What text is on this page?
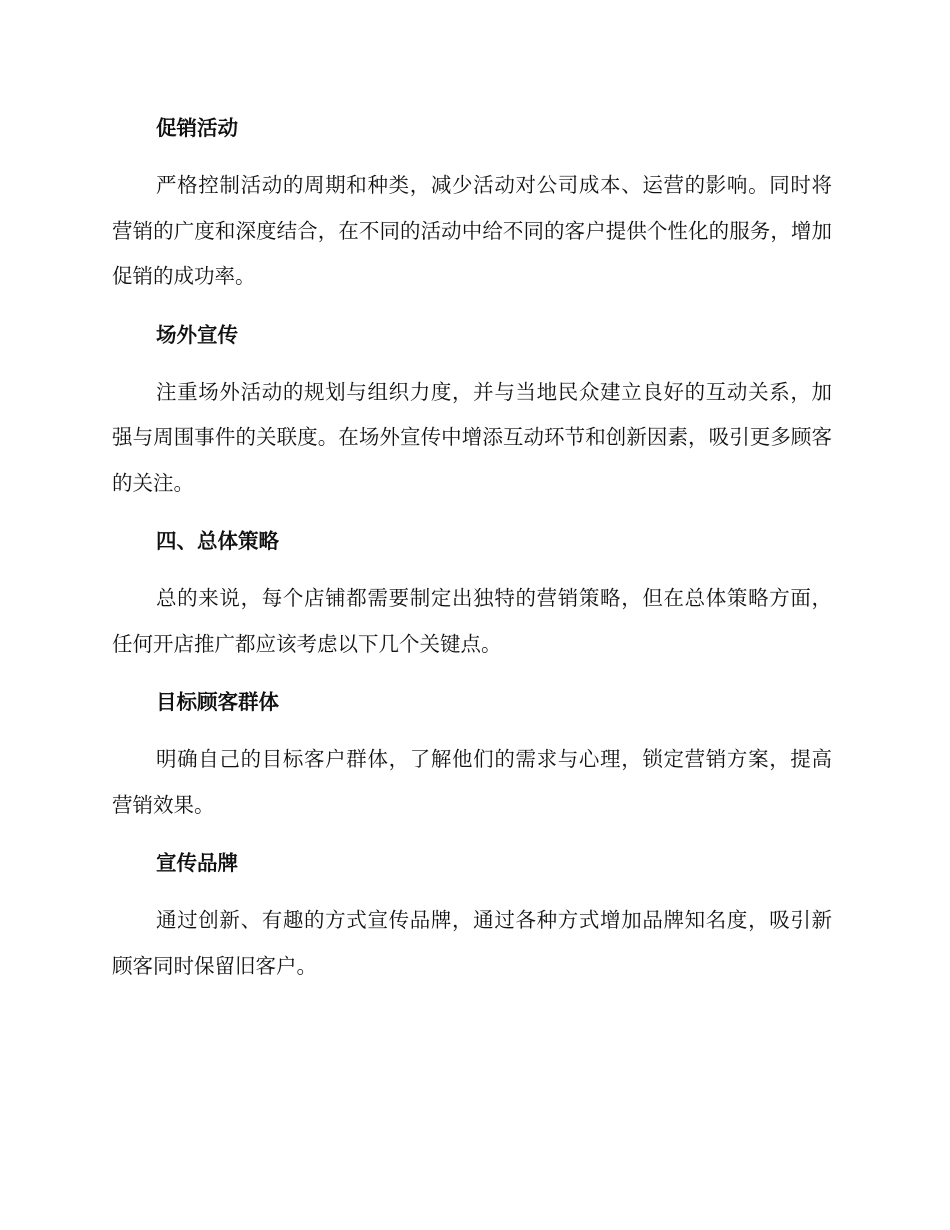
促销活动

严格控制活动的周期和种类，减少活动对公司成本、运营的影响。同时将营销的广度和深度结合，在不同的活动中给不同的客户提供个性化的服务，增加促销的成功率。

场外宣传

注重场外活动的规划与组织力度，并与当地民众建立良好的互动关系，加强与周围事件的关联度。在场外宣传中增添互动环节和创新因素，吸引更多顾客的关注。

四、总体策略

总的来说，每个店铺都需要制定出独特的营销策略，但在总体策略方面，任何开店推广都应该考虑以下几个关键点。

目标顾客群体

明确自己的目标客户群体，了解他们的需求与心理，锁定营销方案，提高营销效果。

宣传品牌

通过创新、有趣的方式宣传品牌，通过各种方式增加品牌知名度，吸引新顾客同时保留旧客户。
